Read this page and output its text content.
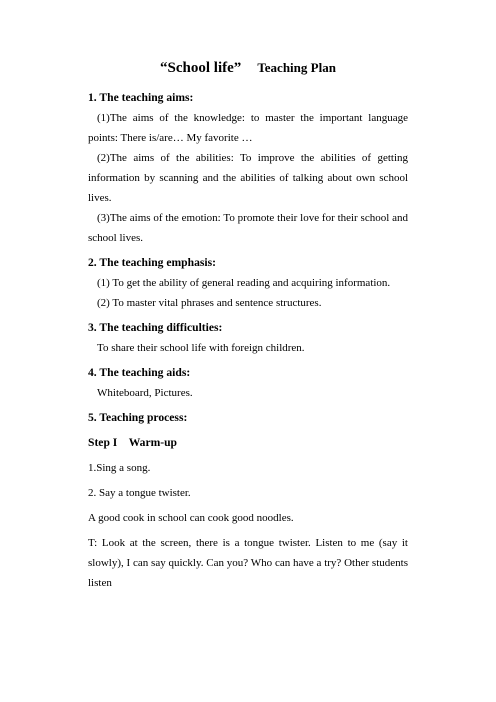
“School life” Teaching Plan

1. The teaching aims:

(1)The aims of the knowledge: to master the important language points: There is/are… My favorite …

(2)The aims of the abilities: To improve the abilities of getting information by scanning and the abilities of talking about own school lives.

(3)The aims of the emotion: To promote their love for their school and school lives.

2. The teaching emphasis:

(1) To get the ability of general reading and acquiring information.

(2) To master vital phrases and sentence structures.

3. The teaching difficulties:

To share their school life with foreign children.

4. The teaching aids:

Whiteboard, Pictures.

5. Teaching process:

Step I    Warm-up

1.Sing a song.

2. Say a tongue twister.

A good cook in school can cook good noodles.

T: Look at the screen, there is a tongue twister. Listen to me (say it slowly), I can say quickly. Can you? Who can have a try? Other students listen
